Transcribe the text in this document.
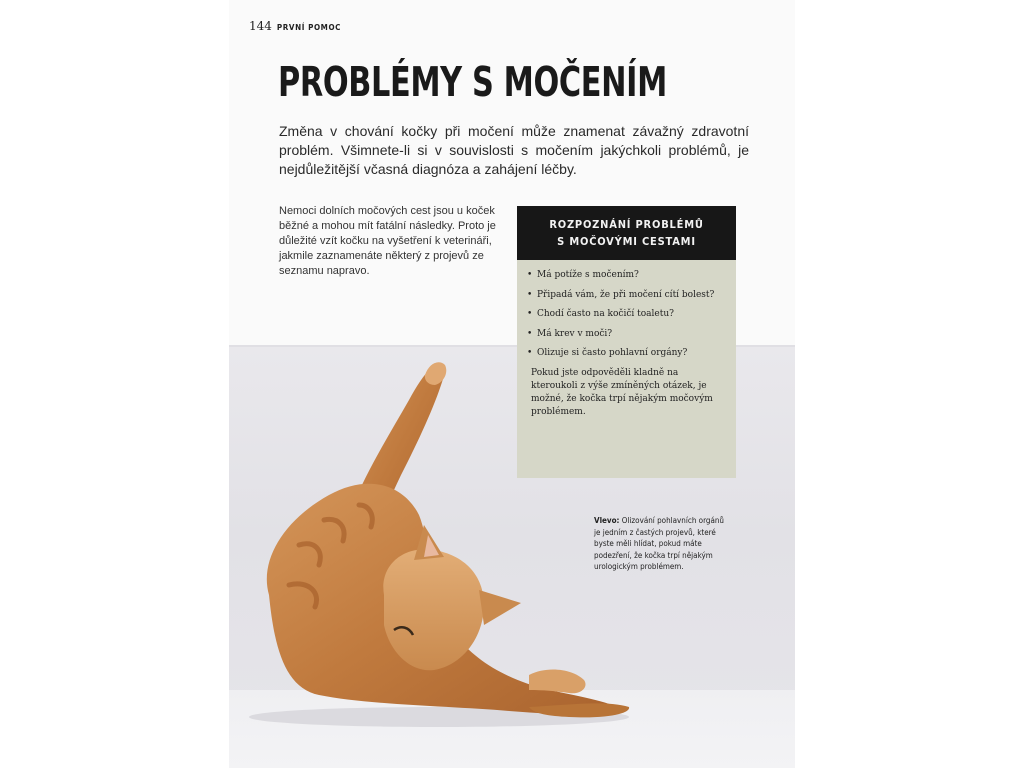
144 PRVNÍ POMOC
PROBLÉMY S MOČENÍM

Změna v chování kočky při močení může znamenat závažný zdravotní problém. Všimnete-li si v souvislosti s močením jakýchkoli problémů, je nejdůležitější včasná diagnóza a zahájení léčby.

Nemoci dolních močových cest jsou u koček běžné a mohou mít fatální následky. Proto je důležité vzít kočku na vyšetření k veterináři, jakmile zaznamenáte některý z projevů ze seznamu napravo.

ROZPOZNÁNÍ PROBLÉMŮ
S MOČOVÝMI CESTAMI

• Má potíže s močením?
• Připadá vám, že při močení cítí bolest?
• Chodí často na kočičí toaletu?
• Má krev v moči?
• Olizuje si často pohlavní orgány?

Pokud jste odpověděli kladně na kteroukoli z výše zmíněných otázek, je možné, že kočka trpí nějakým močovým problémem.

Vlevo: Olizování pohlavních orgánů je jedním z častých projevů, které byste měli hlídat, pokud máte podezření, že kočka trpí nějakým urologickým problémem.
